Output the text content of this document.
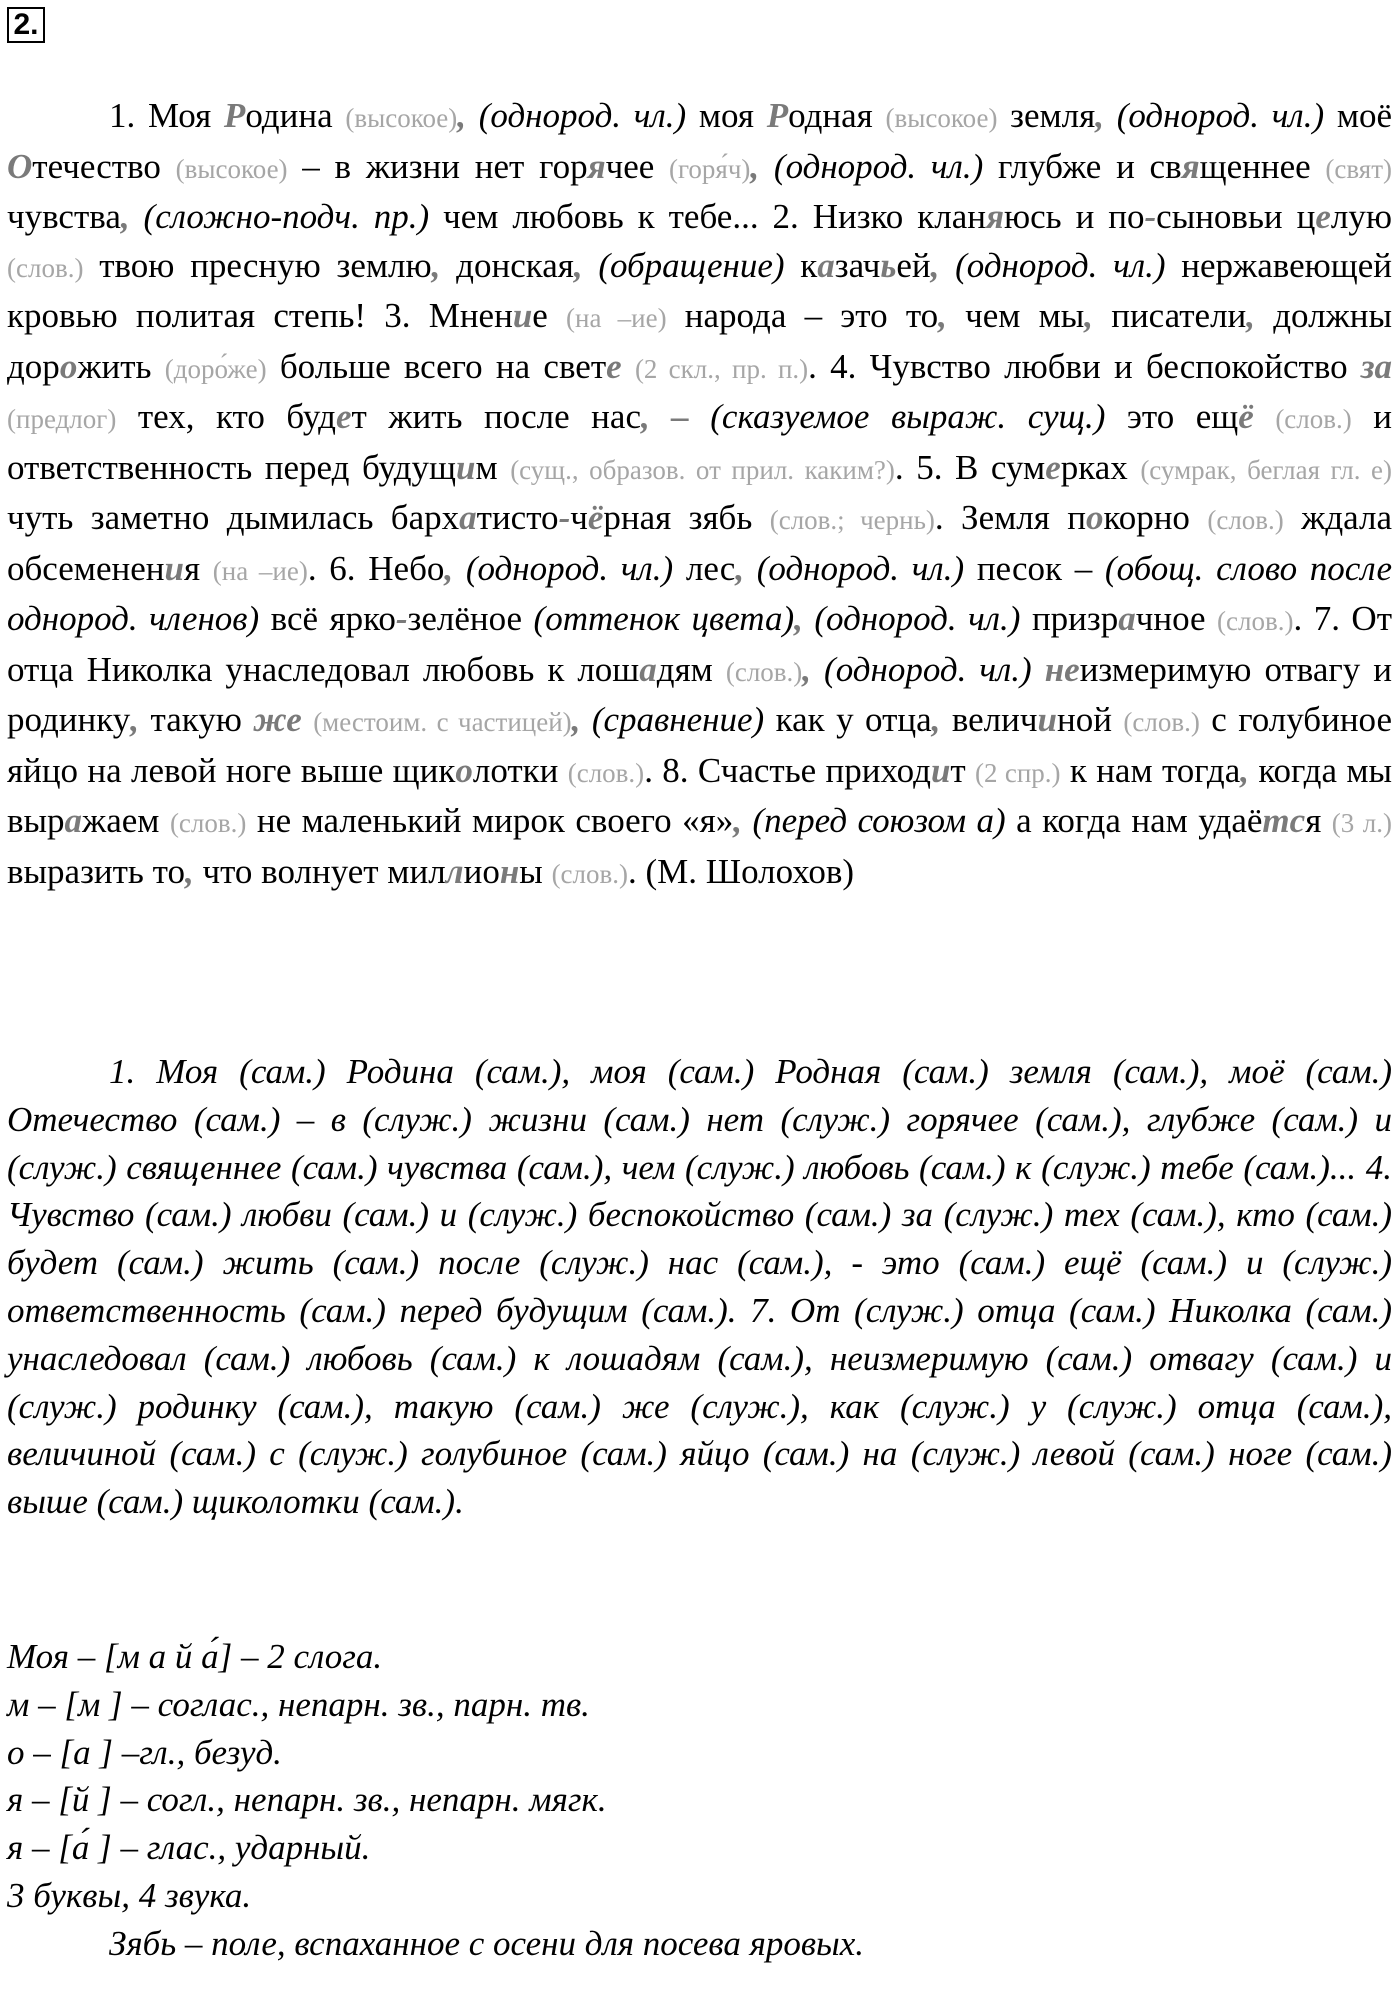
2.
1. Моя Родина (высокое), (однород. чл.) моя Родная (высокое) земля, (однород. чл.) моё Отечество (высокое) – в жизни нет горячее (горя́ч), (однород. чл.) глубже и священнее (свят) чувства, (сложно-подч. пр.) чем любовь к тебе... 2. Низко кланяюсь и по-сыновьи целую (слов.) твою пресную землю, донская, (обращение) казачьей, (однород. чл.) нержавеющей кровью политая степь! 3. Мнение (на –ие) народа – это то, чем мы, писатели, должны дорожить (доро́же) больше всего на свете (2 скл., пр. п.). 4. Чувство любви и беспокойство за (предлог) тех, кто будет жить после нас, – (сказуемое выраж. сущ.) это ещё (слов.) и ответственность перед будущим (сущ., образов. от прил. каким?). 5. В сумерках (сумрак, беглая гл. е) чуть заметно дымилась бархатисто-чёрная зябь (слов.; чернь). Земля покорно (слов.) ждала обсеменения (на –ие). 6. Небо, (однород. чл.) лес, (однород. чл.) песок – (обощ. слово после однород. членов) всё ярко-зелёное (оттенок цвета), (однород. чл.) призрачное (слов.). 7. От отца Николка унаследовал любовь к лошадям (слов.), (однород. чл.) неизмеримую отвагу и родинку, такую же (местоим. с частицей), (сравнение) как у отца, величиной (слов.) с голубиное яйцо на левой ноге выше щиколотки (слов.). 8. Счастье приходит (2 спр.) к нам тогда, когда мы выражаем (слов.) не маленький мирок своего «я», (перед союзом а) а когда нам удаётся (3 л.) выразить то, что волнует миллионы (слов.). (М. Шолохов)
1. Моя (сам.) Родина (сам.), моя (сам.) Родная (сам.) земля (сам.), моё (сам.) Отечество (сам.) – в (служ.) жизни (сам.) нет (служ.) горячее (сам.), глубже (сам.) и (служ.) священнее (сам.) чувства (сам.), чем (служ.) любовь (сам.) к (служ.) тебе (сам.)... 4. Чувство (сам.) любви (сам.) и (служ.) беспокойство (сам.) за (служ.) тех (сам.), кто (сам.) будет (сам.) жить (сам.) после (служ.) нас (сам.), - это (сам.) ещё (сам.) и (служ.) ответственность (сам.) перед будущим (сам.). 7. От (служ.) отца (сам.) Николка (сам.) унаследовал (сам.) любовь (сам.) к лошадям (сам.), неизмеримую (сам.) отвагу (сам.) и (служ.) родинку (сам.), такую (сам.) же (служ.), как (служ.) у (служ.) отца (сам.), величиной (сам.) с (служ.) голубиное (сам.) яйцо (сам.) на (служ.) левой (сам.) ноге (сам.) выше (сам.) щиколотки (сам.).
Моя – [м а й а́] – 2 слога.
м – [м ] – соглас., непарн. зв., парн. тв.
о – [а ] –гл., безуд.
я – [й ] – согл., непарн. зв., непарн. мягк.
я – [а́ ] – глас., ударный.
3 буквы, 4 звука.
Зябь – поле, вспаханное с осени для посева яровых.
